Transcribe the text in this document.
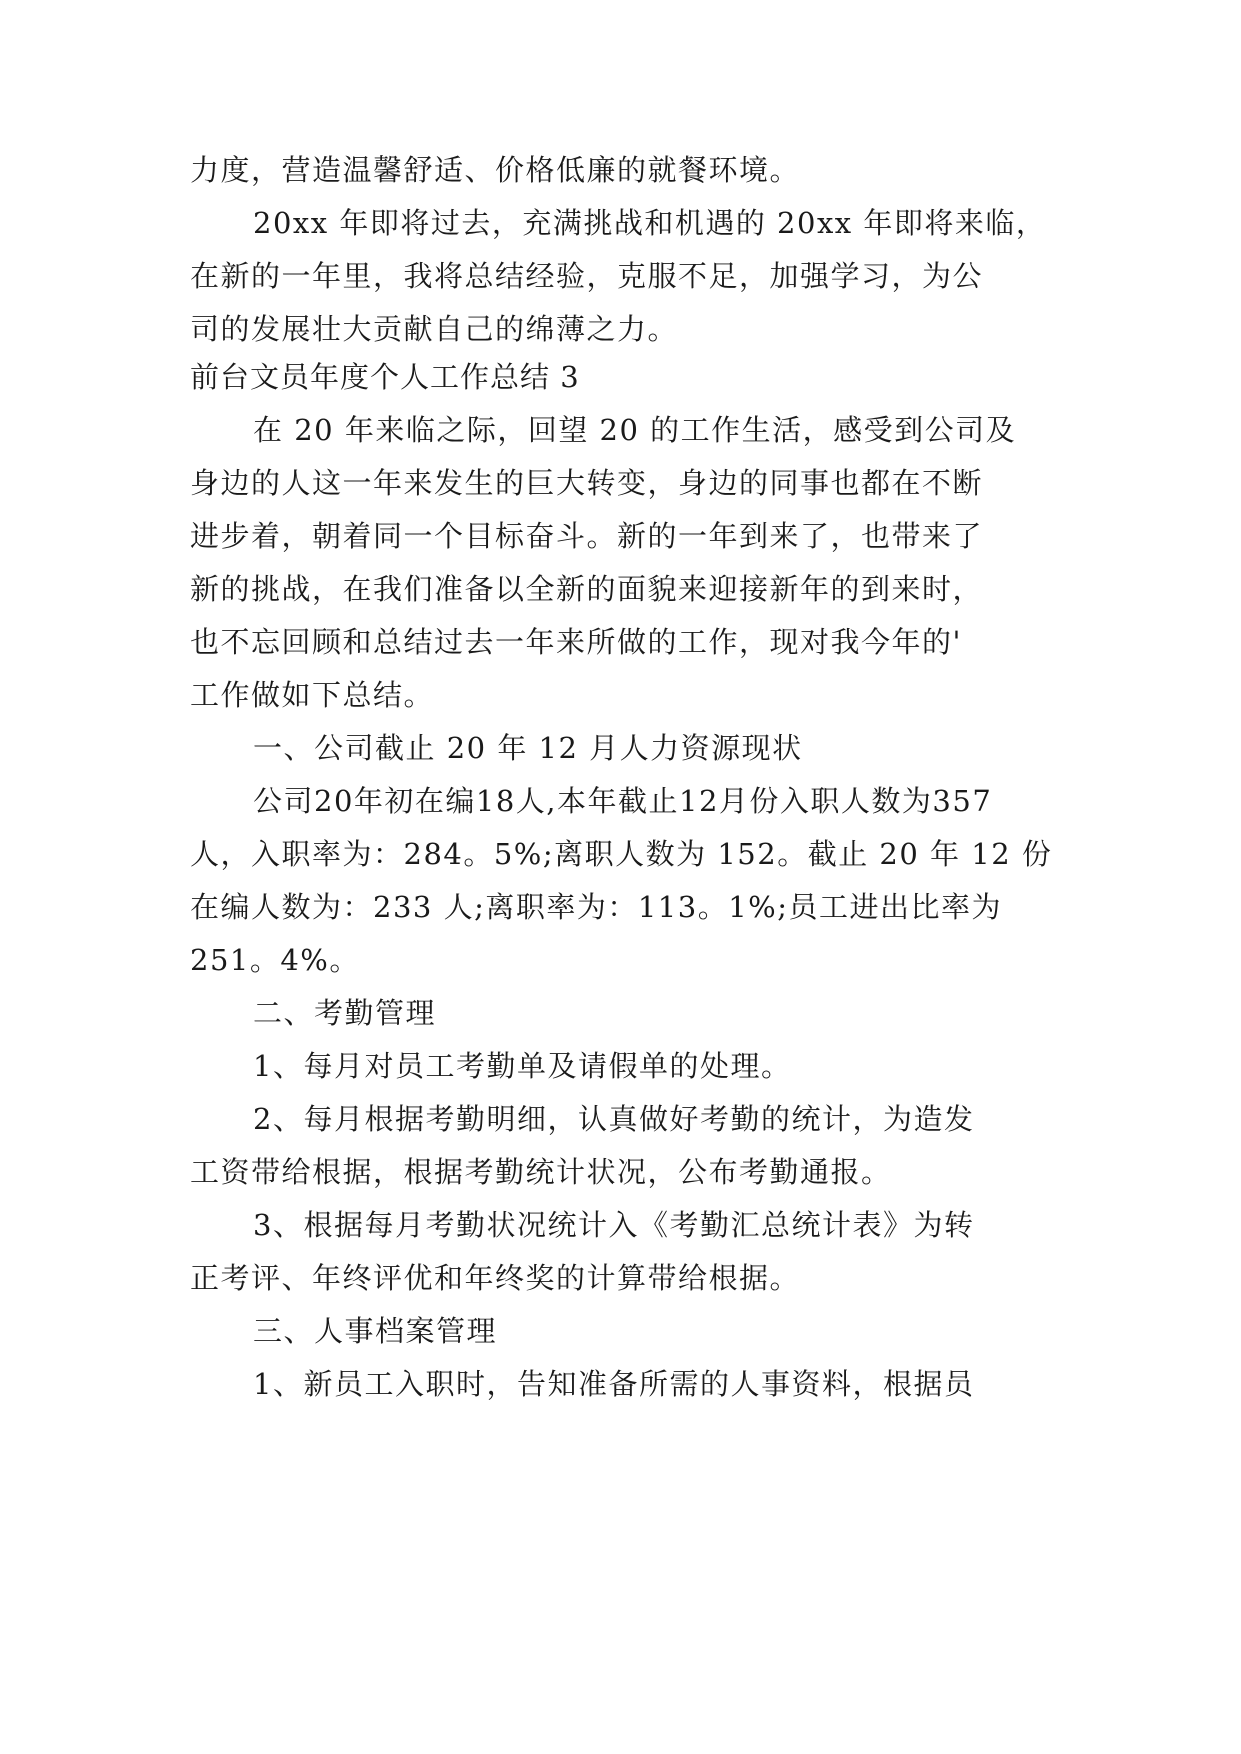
力度，营造温馨舒适、价格低廉的就餐环境。
20xx 年即将过去，充满挑战和机遇的 20xx 年即将来临，
在新的一年里，我将总结经验，克服不足，加强学习，为公
司的发展壮大贡献自己的绵薄之力。
前台文员年度个人工作总结 3
在 20 年来临之际，回望 20 的工作生活，感受到公司及
身边的人这一年来发生的巨大转变，身边的同事也都在不断
进步着，朝着同一个目标奋斗。新的一年到来了，也带来了
新的挑战，在我们准备以全新的面貌来迎接新年的到来时，
也不忘回顾和总结过去一年来所做的工作，现对我今年的'
工作做如下总结。
一、公司截止 20 年 12 月人力资源现状
公司20年初在编18人,本年截止12月份入职人数为357
人，入职率为：284。5%;离职人数为 152。截止 20 年 12 份
在编人数为：233 人;离职率为：113。1%;员工进出比率为
251。4%。
二、考勤管理
1、每月对员工考勤单及请假单的处理。
2、每月根据考勤明细，认真做好考勤的统计，为造发
工资带给根据，根据考勤统计状况，公布考勤通报。
3、根据每月考勤状况统计入《考勤汇总统计表》为转
正考评、年终评优和年终奖的计算带给根据。
三、人事档案管理
1、新员工入职时，告知准备所需的人事资料，根据员
